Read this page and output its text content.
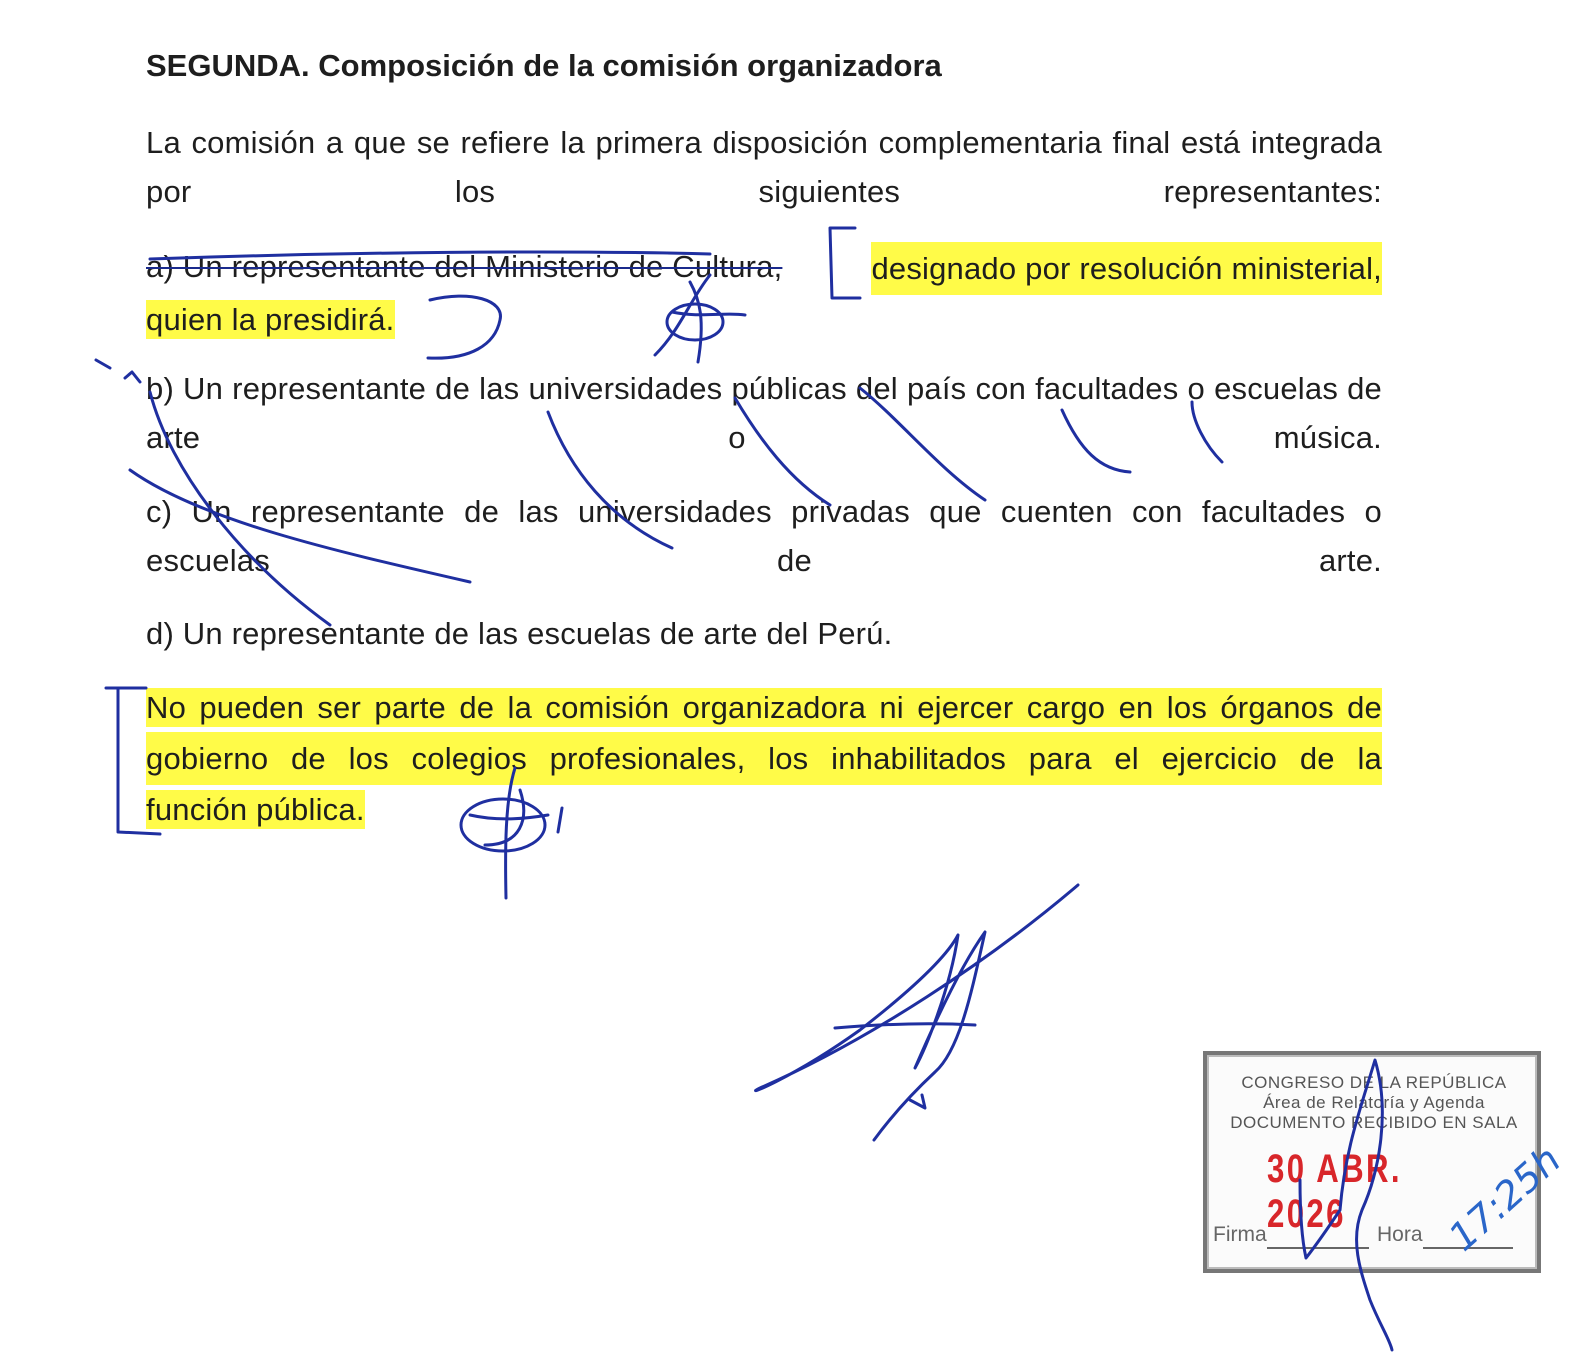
SEGUNDA. Composición de la comisión organizadora

La comisión a que se refiere la primera disposición complementaria final está integrada por los siguientes representantes:

a) Un representante del Ministerio de Cultura,	designado por resolución ministerial,
quien la presidirá.

b) Un representante de las universidades públicas del país con facultades o escuelas de arte o música.

c) Un representante de las universidades privadas que cuenten con facultades o escuelas de arte.

d) Un representante de las escuelas de arte del Perú.

No pueden ser parte de la comisión organizadora ni ejercer cargo en los órganos de
gobierno de los colegios profesionales, los inhabilitados para el ejercicio de la
función pública.
CONGRESO DE LA REPÚBLICA
Área de Relatoría y Agenda
DOCUMENTO RECIBIDO EN SALA
30 ABR. 2026
Firma	Hora 17:25h
